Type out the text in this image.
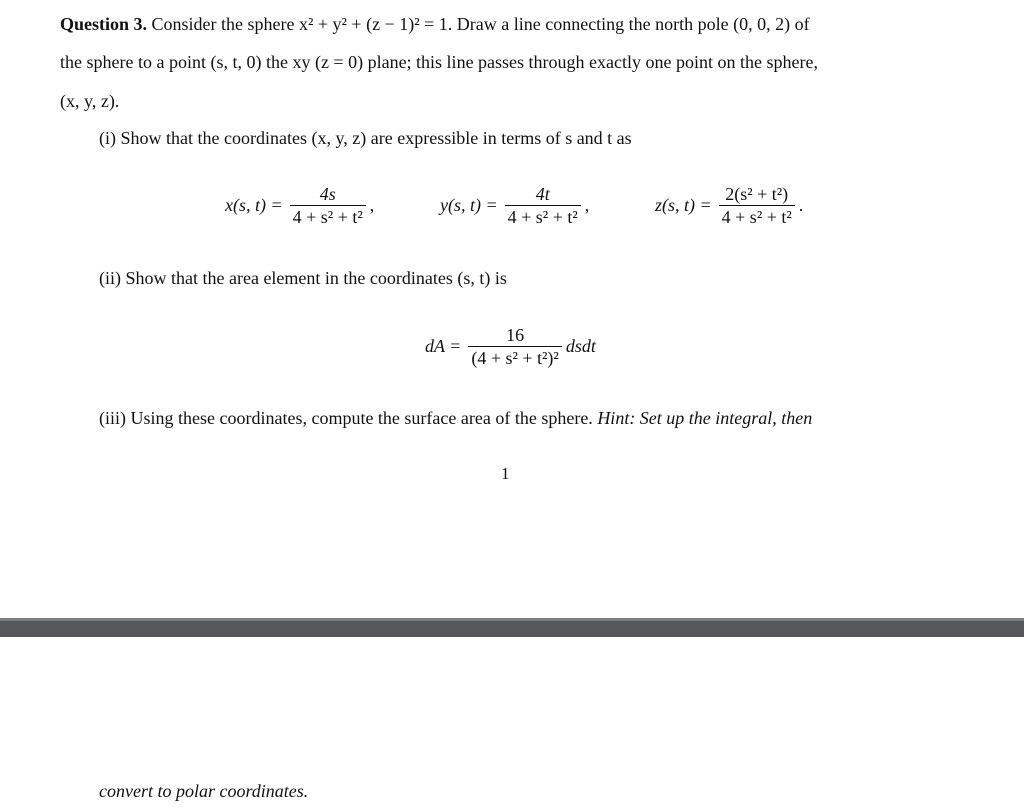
Question 3. Consider the sphere x² + y² + (z − 1)² = 1. Draw a line connecting the north pole (0, 0, 2) of
the sphere to a point (s, t, 0) the xy (z = 0) plane; this line passes through exactly one point on the sphere,
(x, y, z).
(i) Show that the coordinates (x, y, z) are expressible in terms of s and t as
x(s, $t) = \frac{4s}{\text{4 + s² + t²}}$ ,	y(s, $t) = \frac{4t}{\text{4 + s² + t²}}$ ,	z(s, $t) = \frac{\text{2(s² + t²)}}{\text{4 + s² + t²}}$ .
(ii) Show that the area element in the coordinates (s, t) is
dA = $\frac{16}{\text{(4 + s² + t²)²}}$ dsdt
(iii) Using these coordinates, compute the surface area of the sphere. Hint: Set up the integral, then
1
convert to polar coordinates.
